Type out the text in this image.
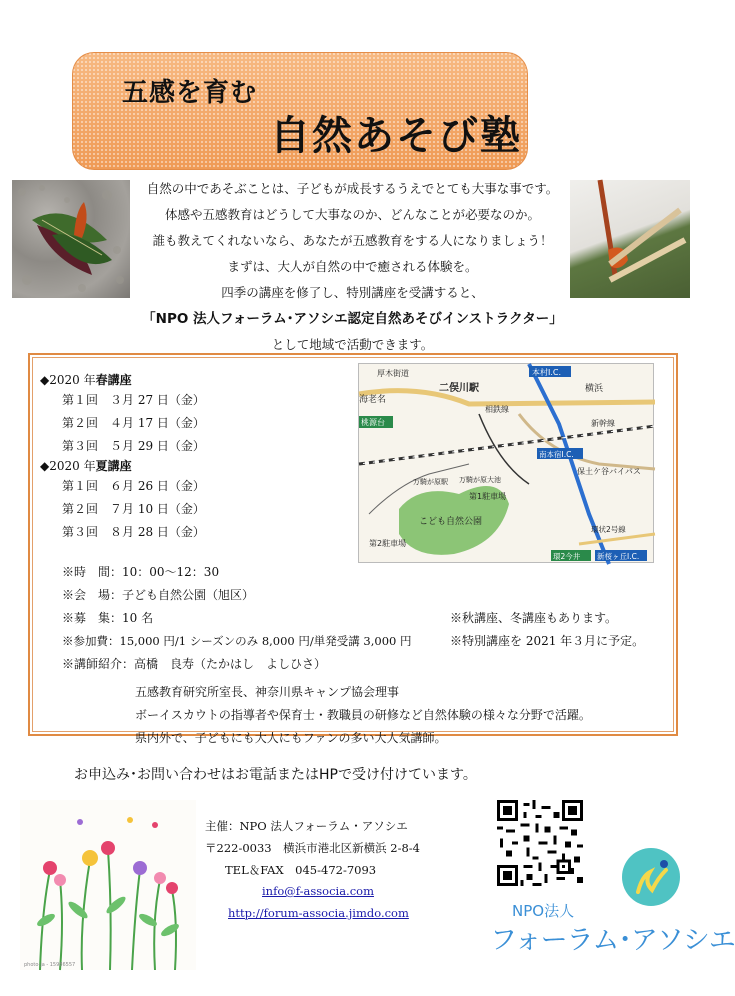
五感を育む
自然あそび塾
自然の中であそぶことは、子どもが成長するうえでとても大事な事です。
体感や五感教育はどうして大事なのか、どんなことが必要なのか。
誰も教えてくれないなら、あなたが五感教育をする人になりましょう！
まずは、大人が自然の中で癒される体験を。
四季の講座を修了し、特別講座を受講すると、
「NPO 法人フォーラム･アソシエ認定自然あそびインストラクター」
として地域で活動できます。
◆2020 年春講座
第１回　 ３月 27 日（金）
第２回　 ４月 17 日（金）
第３回　 ５月 29 日（金）
◆2020 年夏講座
第１回　 ６月 26 日（金）
第２回　 ７月 10 日（金）
第３回　 ８月 28 日（金）
※時　間：10：00～12：30
※会　場：子ども自然公園（旭区）
※募　集：10 名
※参加費：15,000 円/1 シーズンのみ 8,000 円/単発受講 3,000 円
※秋講座、冬講座もあります。
※特別講座を 2021 年３月に予定。
※講師紹介：高橋　良寿（たかはし　よしひさ）
五感教育研究所室長、神奈川県キャンプ協会理事
ボーイスカウトの指導者や保育士・教職員の研修など自然体験の様々な分野で活躍。
県内外で、子どもにも大人にもファンの多い大人気講師。
厚木街道
海老名
二俣川駅
本村I.C.
横浜
相鉄線
新幹線
桃源台
南本宿I.C.
保土ケ谷バイパス
万騎が原大池
万騎が原駅
第1駐車場
こども自然公園
第2駐車場
環状2号線
新桜ヶ丘I.C.
環2今井
お申込み･お問い合わせはお電話またはHPで受け付けています。
photo-ja - 15986557
主催：NPO 法人フォーラム・アソシエ
〒222-0033　横浜市港北区新横浜 2-8-4
TEL＆FAX　045-472-7093
info@f-associa.com
http://forum-associa.jimdo.com	NPO法人
フォーラム･アソシエ
